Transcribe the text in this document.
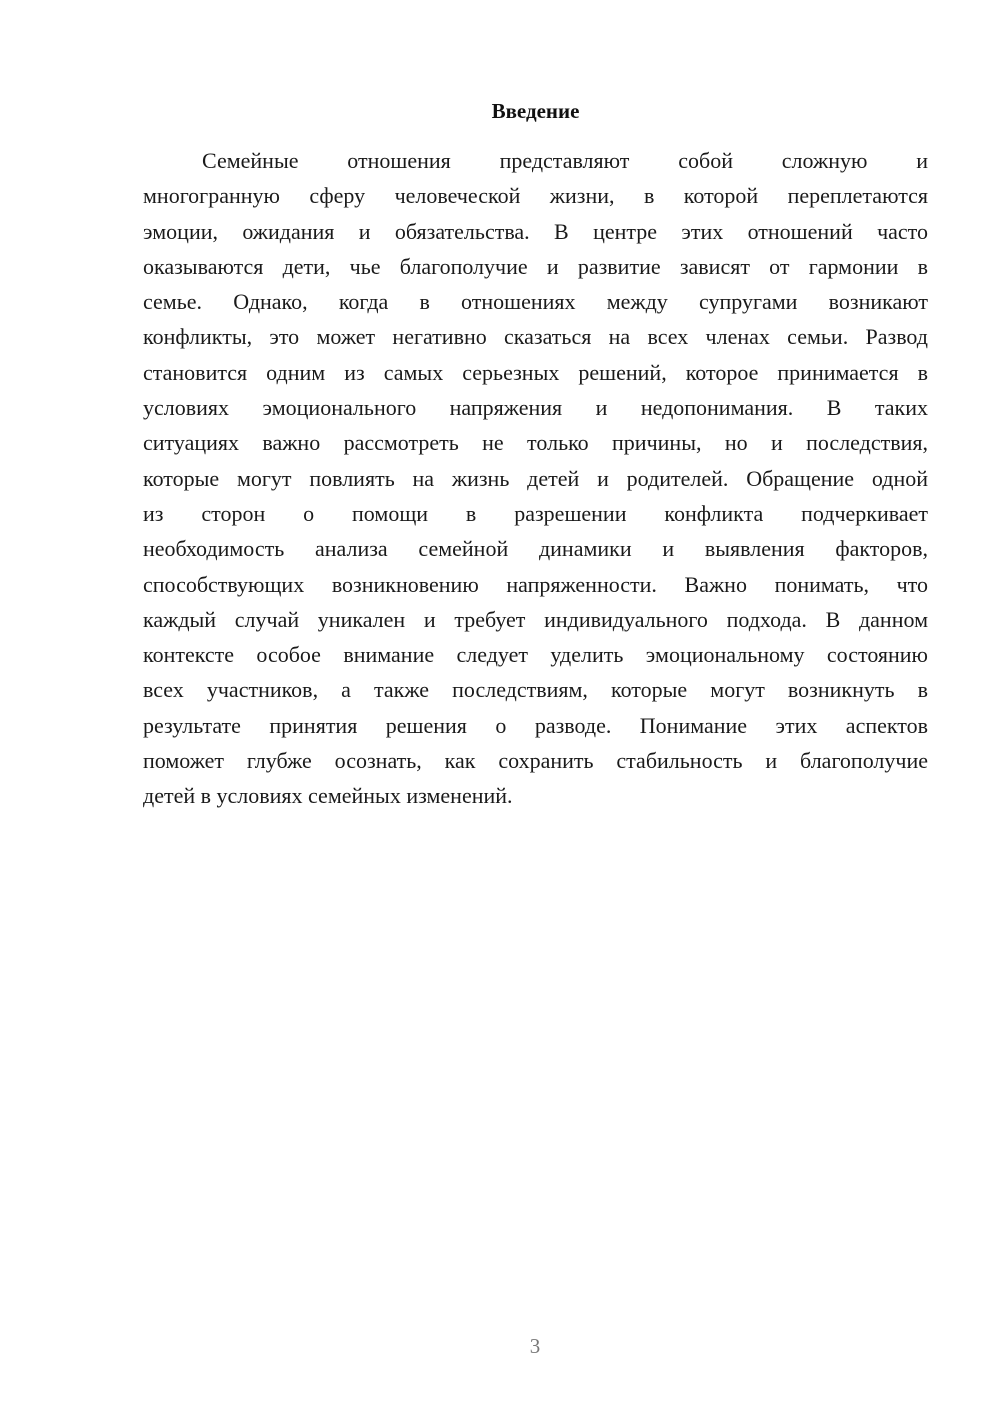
Введение
Семейные отношения представляют собой сложную и
многогранную сферу человеческой жизни, в которой переплетаются
эмоции, ожидания и обязательства. В центре этих отношений часто
оказываются дети, чье благополучие и развитие зависят от гармонии в
семье. Однако, когда в отношениях между супругами возникают
конфликты, это может негативно сказаться на всех членах семьи. Развод
становится одним из самых серьезных решений, которое принимается в
условиях эмоционального напряжения и недопонимания. В таких
ситуациях важно рассмотреть не только причины, но и последствия,
которые могут повлиять на жизнь детей и родителей. Обращение одной
из сторон о помощи в разрешении конфликта подчеркивает
необходимость анализа семейной динамики и выявления факторов,
способствующих возникновению напряженности. Важно понимать, что
каждый случай уникален и требует индивидуального подхода. В данном
контексте особое внимание следует уделить эмоциональному состоянию
всех участников, а также последствиям, которые могут возникнуть в
результате принятия решения о разводе. Понимание этих аспектов
поможет глубже осознать, как сохранить стабильность и благополучие
детей в условиях семейных изменений.
3
